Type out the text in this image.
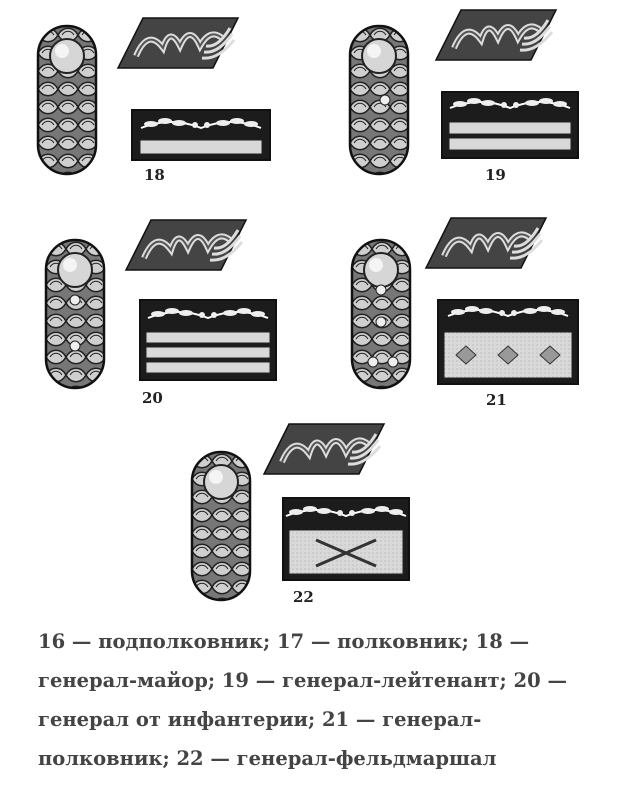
18	19
20	21
22
16 — подполковник; 17 — полковник; 18 — генерал-майор; 19 — генерал-лейтенант; 20 — генерал от инфантерии; 21 — генерал-полковник; 22 — генерал-фельдмаршал
